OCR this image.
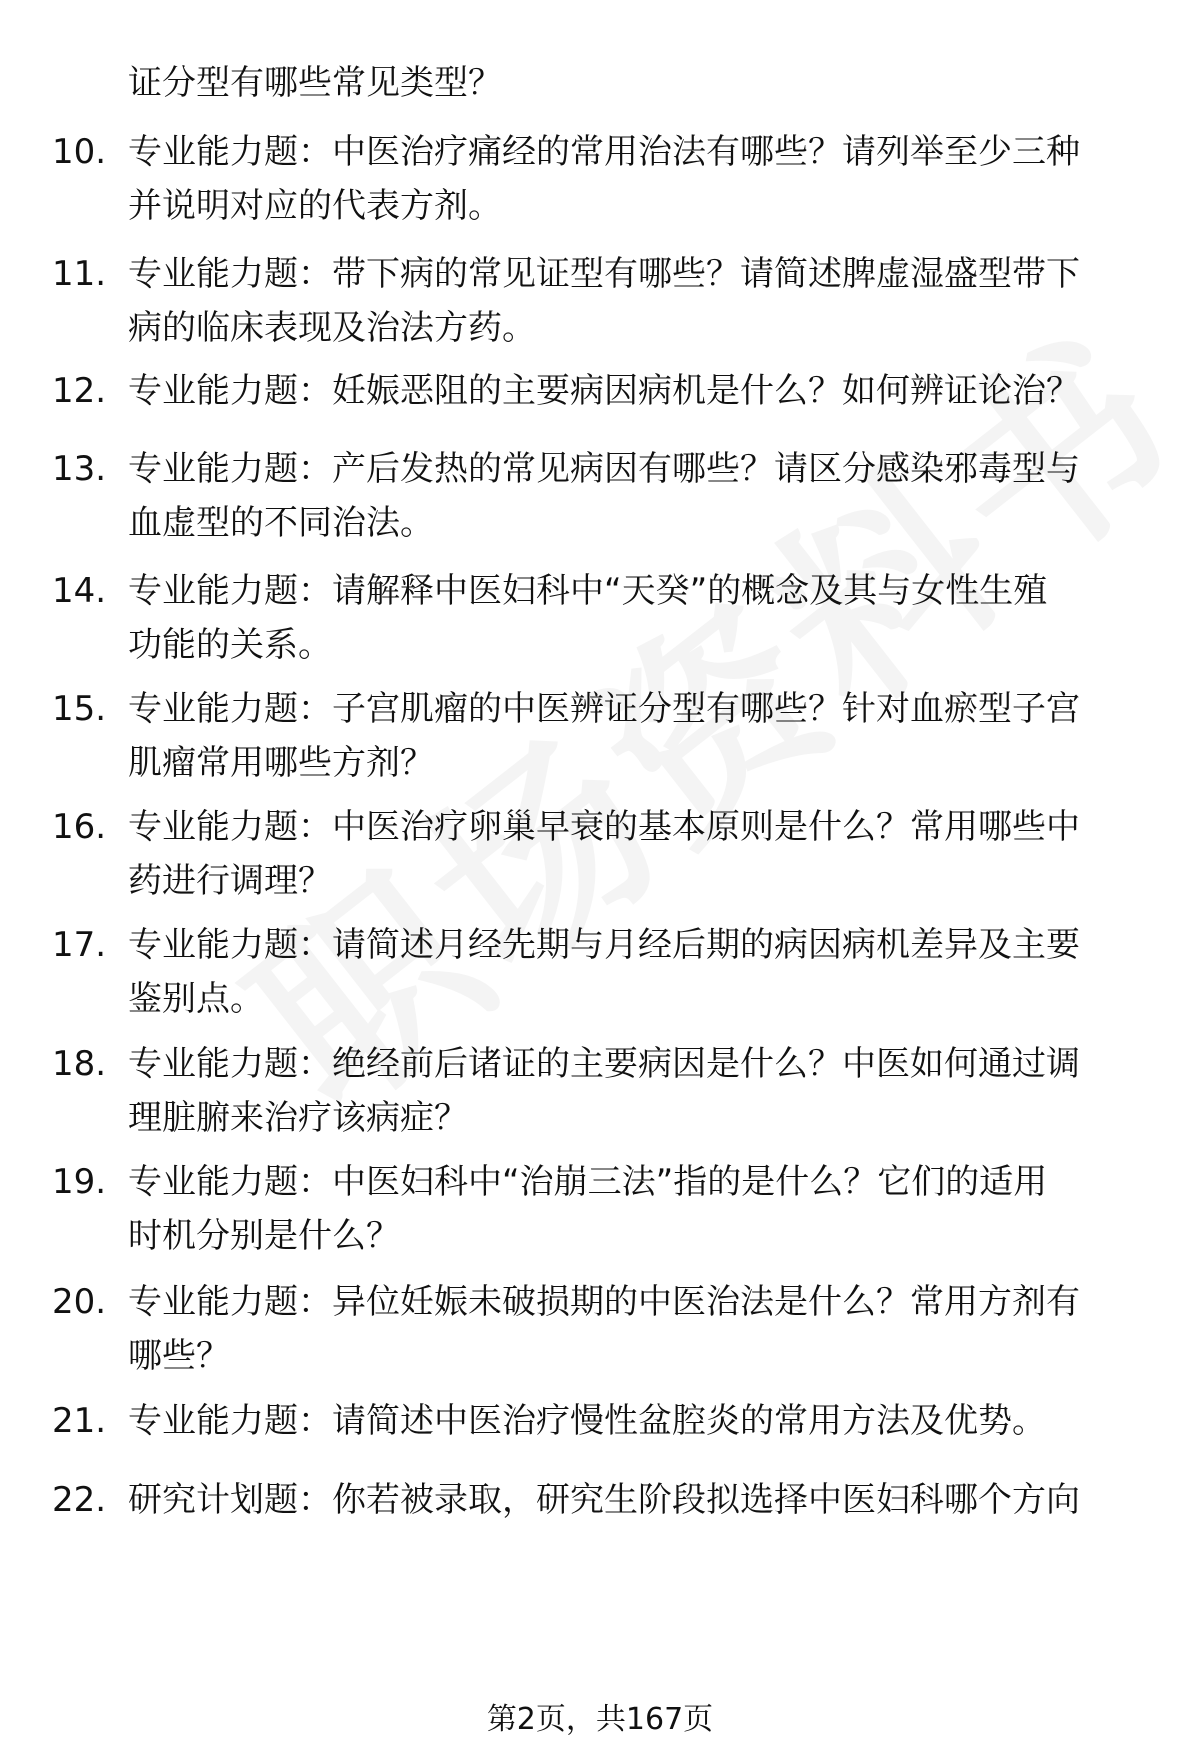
证分型有哪些常见类型？
10. 专业能力题：中医治疗痛经的常用治法有哪些？请列举至少三种
并说明对应的代表方剂。
11. 专业能力题：带下病的常见证型有哪些？请简述脾虚湿盛型带下
病的临床表现及治法方药。
12. 专业能力题：妊娠恶阻的主要病因病机是什么？如何辨证论治？
13. 专业能力题：产后发热的常见病因有哪些？请区分感染邪毒型与
血虚型的不同治法。
14. 专业能力题：请解释中医妇科中“天癸”的概念及其与女性生殖
功能的关系。
15. 专业能力题：子宫肌瘤的中医辨证分型有哪些？针对血瘀型子宫
肌瘤常用哪些方剂？
16. 专业能力题：中医治疗卵巢早衰的基本原则是什么？常用哪些中
药进行调理？
17. 专业能力题：请简述月经先期与月经后期的病因病机差异及主要
鉴别点。
18. 专业能力题：绝经前后诸证的主要病因是什么？中医如何通过调
理脏腑来治疗该病症？
19. 专业能力题：中医妇科中“治崩三法”指的是什么？它们的适用
时机分别是什么？
20. 专业能力题：异位妊娠未破损期的中医治法是什么？常用方剂有
哪些？
21. 专业能力题：请简述中医治疗慢性盆腔炎的常用方法及优势。
22. 研究计划题：你若被录取，研究生阶段拟选择中医妇科哪个方向
第2页，共167页
